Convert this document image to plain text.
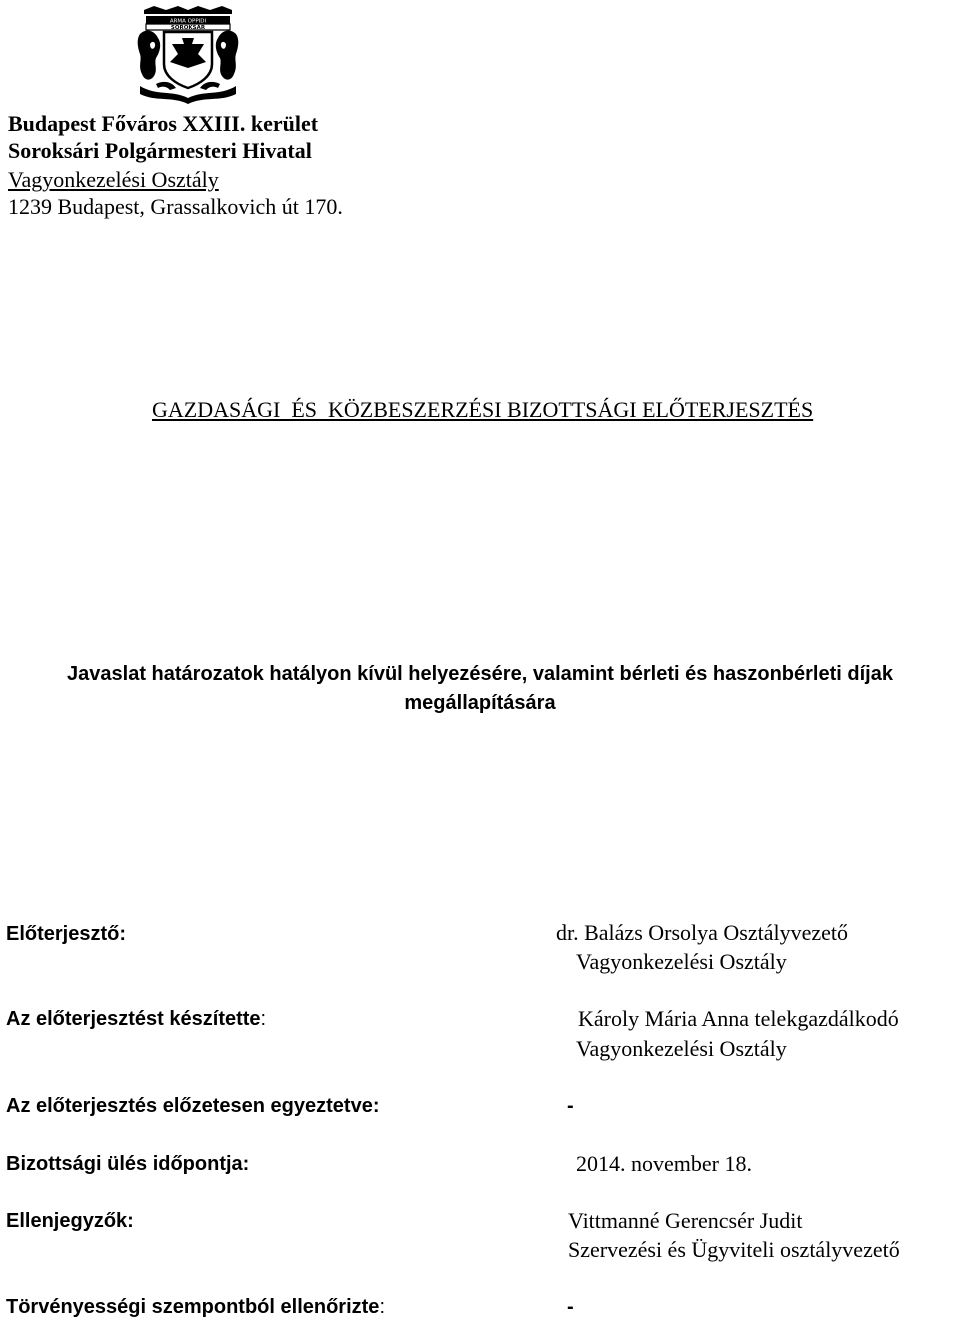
ARMA OPPIDI
SOROKSÁR
Budapest Főváros XXIII. kerület
Soroksári Polgármesteri Hivatal
Vagyonkezelési Osztály
1239 Budapest, Grassalkovich út 170.
GAZDASÁGI  ÉS  KÖZBESZERZÉSI BIZOTTSÁGI ELŐTERJESZTÉS
Javaslat határozatok hatályon kívül helyezésére, valamint bérleti és haszonbérleti díjak
megállapítására
Előterjesztő:	dr. Balázs Orsolya Osztályvezető
Vagyonkezelési Osztály
Az előterjesztést készítette:	Károly Mária Anna telekgazdálkodó
Vagyonkezelési Osztály
Az előterjesztés előzetesen egyeztetve:	-
Bizottsági ülés időpontja:	2014. november 18.
Ellenjegyzők:	Vittmanné Gerencsér Judit
Szervezési és Ügyviteli osztályvezető
Törvényességi szempontból ellenőrizte:	-
